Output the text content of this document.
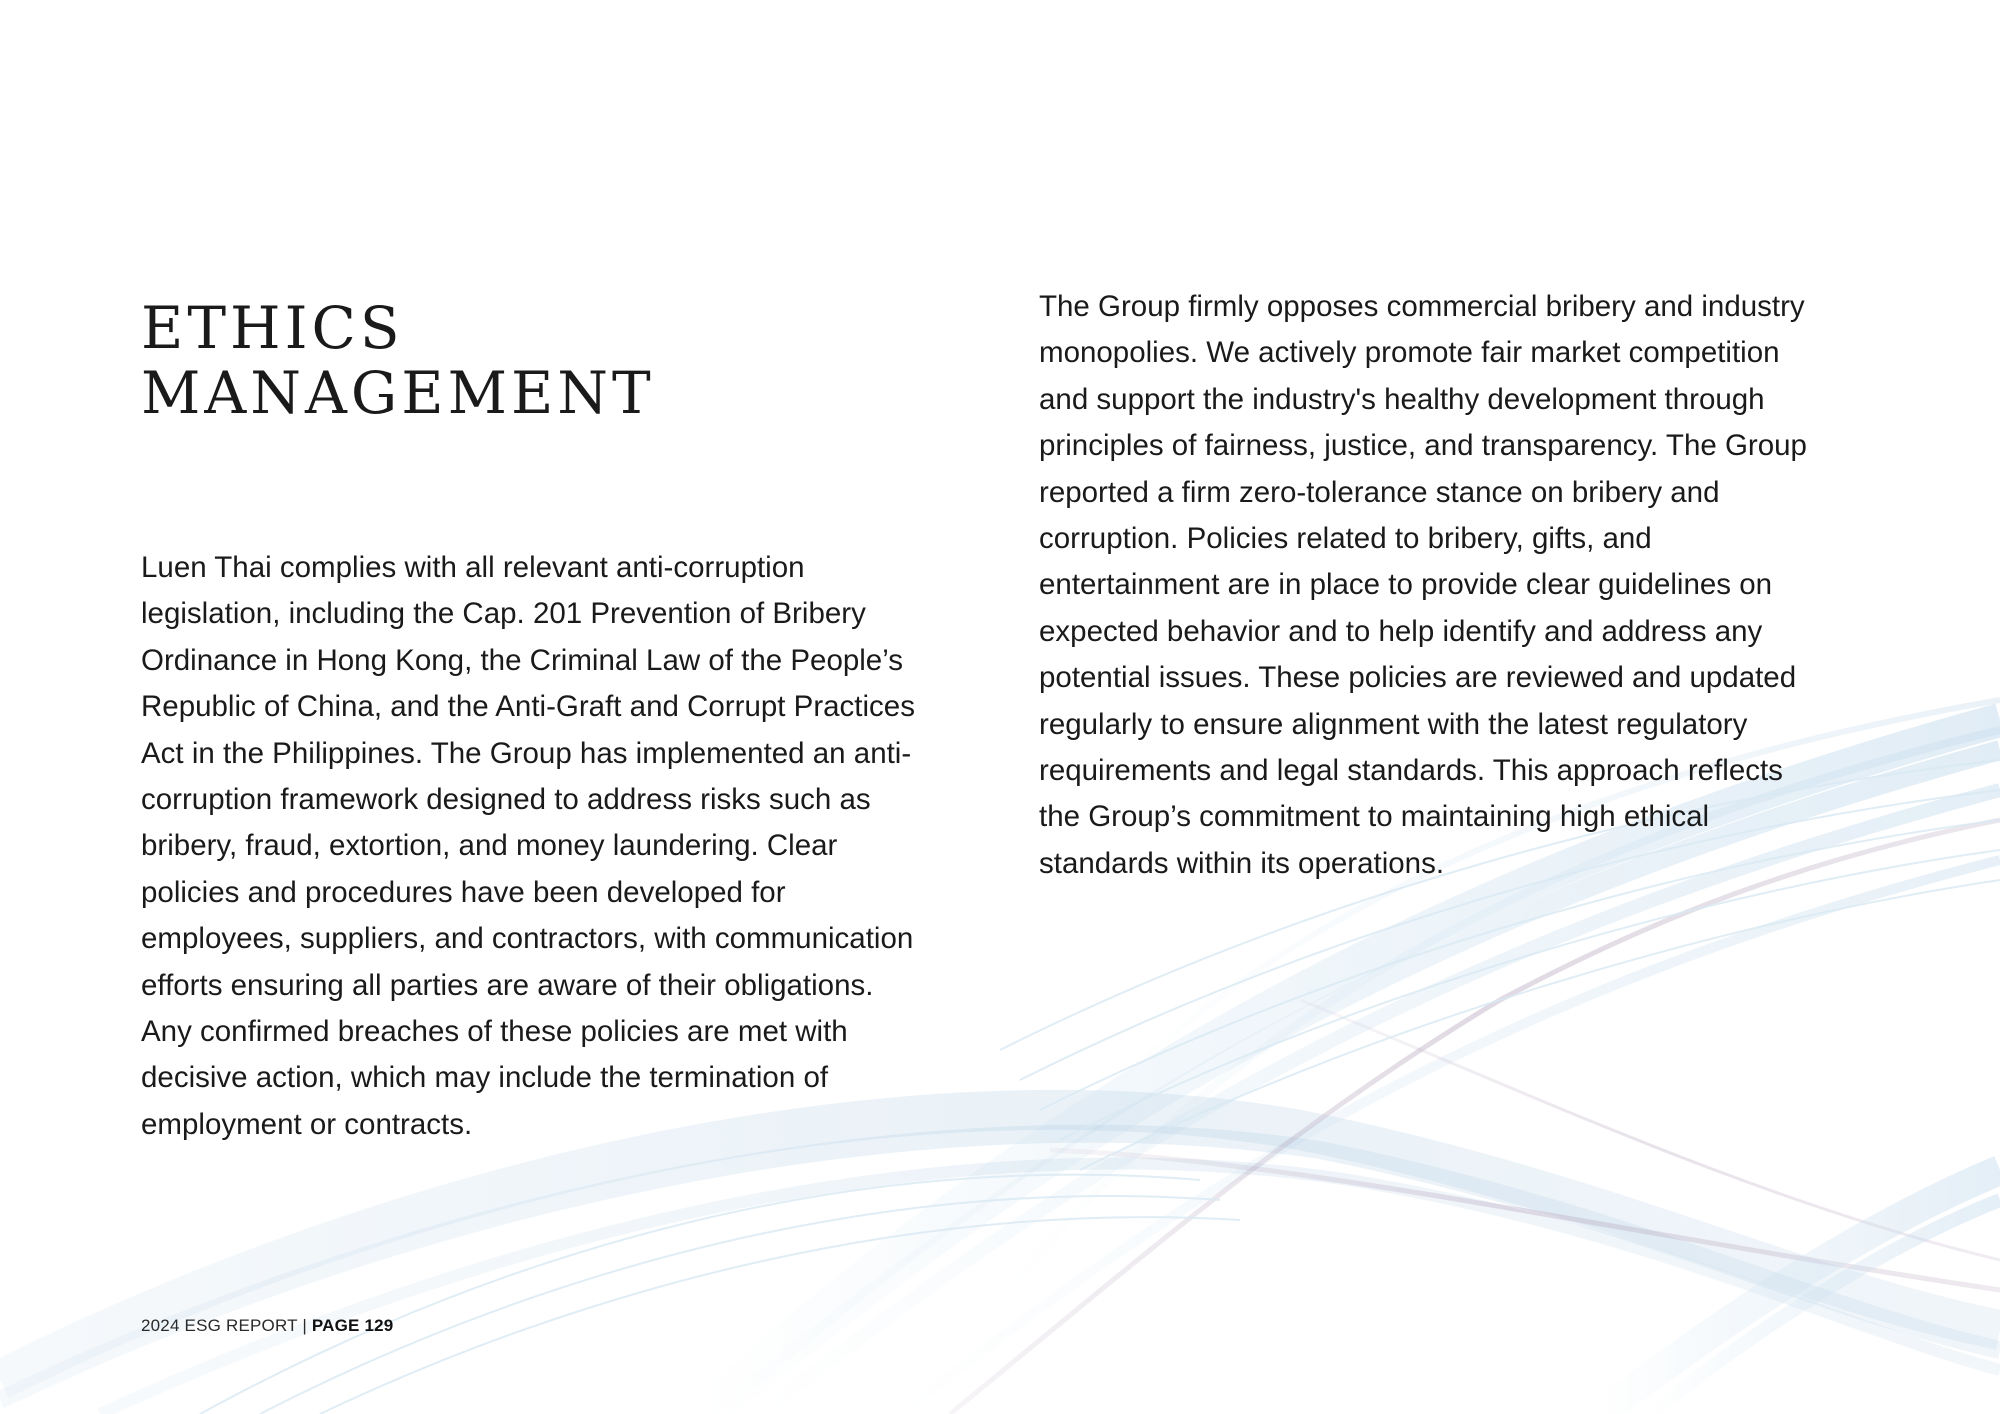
ETHICS
MANAGEMENT

Luen Thai complies with all relevant anti-corruption legislation, including the Cap. 201 Prevention of Bribery Ordinance in Hong Kong, the Criminal Law of the People’s Republic of China, and the Anti-Graft and Corrupt Practices Act in the Philippines. The Group has implemented an anti-corruption framework designed to address risks such as bribery, fraud, extortion, and money laundering. Clear policies and procedures have been developed for employees, suppliers, and contractors, with communication efforts ensuring all parties are aware of their obligations. Any confirmed breaches of these policies are met with decisive action, which may include the termination of employment or contracts.

The Group firmly opposes commercial bribery and industry monopolies. We actively promote fair market competition and support the industry's healthy development through principles of fairness, justice, and transparency. The Group reported a firm zero-tolerance stance on bribery and corruption. Policies related to bribery, gifts, and entertainment are in place to provide clear guidelines on expected behavior and to help identify and address any potential issues. These policies are reviewed and updated regularly to ensure alignment with the latest regulatory requirements and legal standards. This approach reflects the Group’s commitment to maintaining high ethical standards within its operations.

2024 ESG REPORT | PAGE 129
